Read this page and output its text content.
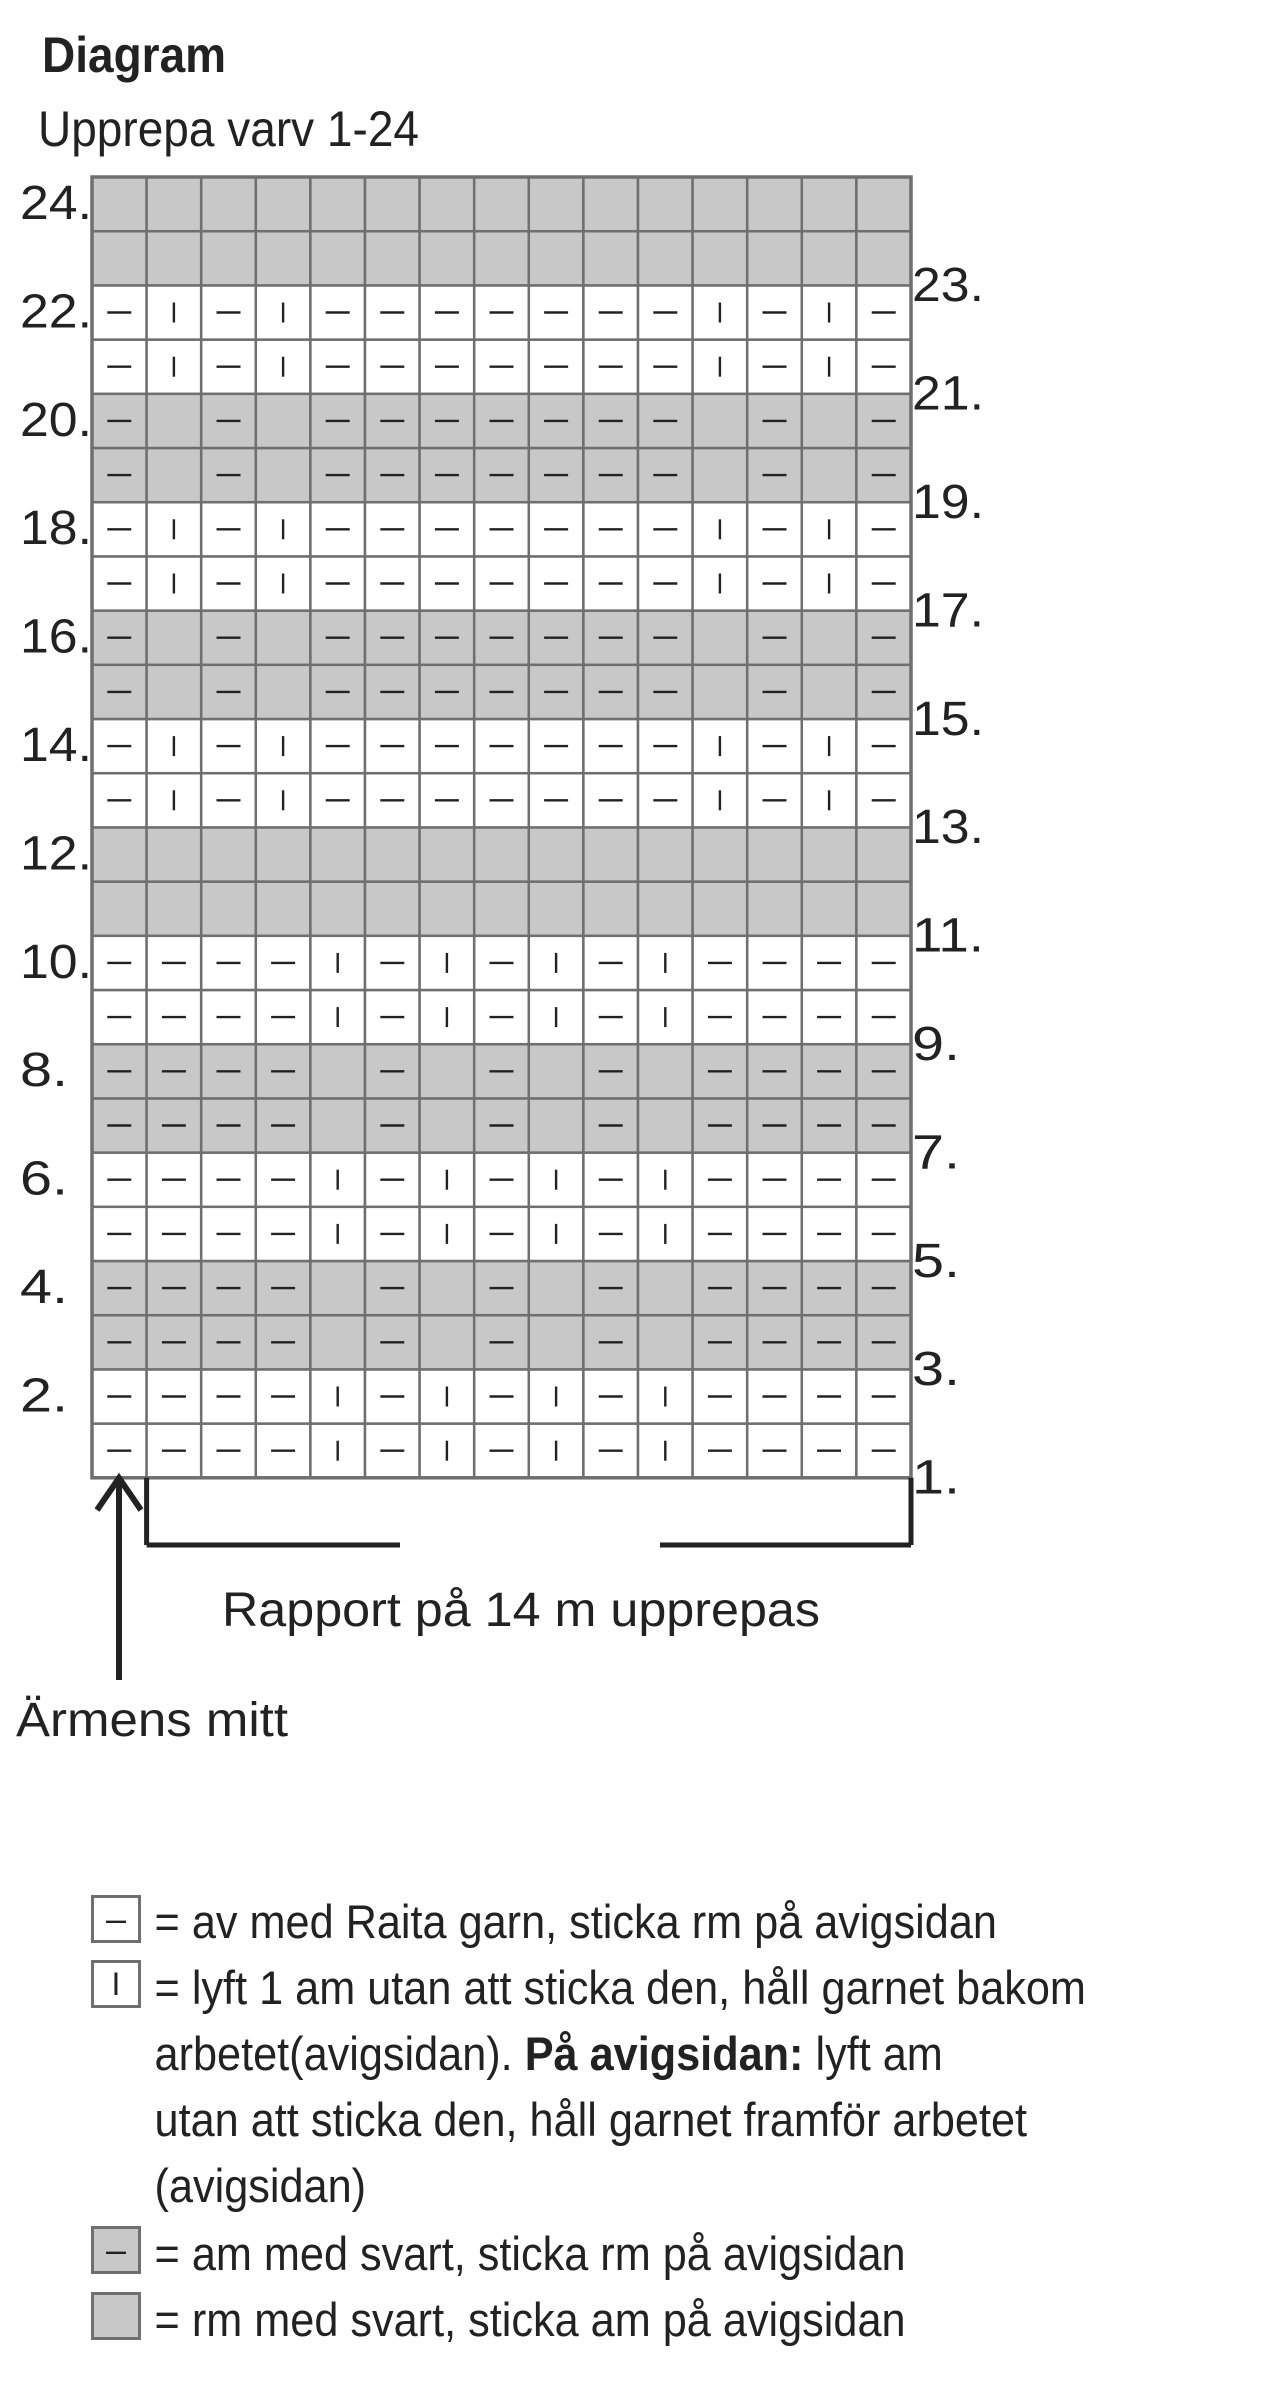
Diagram
Upprepa varv 1-24
2.
4.
6.
8.
10.
12.
14.
16.
18.
20.
22.
24.
1.
3.
5.
7.
9.
11.
13.
15.
17.
19.
21.
23.
Rapport på 14 m upprepas
Ärmens mitt
– = av med Raita garn, sticka rm på avigsidan
I = lyft 1 am utan att sticka den, håll garnet bakom
arbetet(avigsidan). På avigsidan: lyft am
utan att sticka den, håll garnet framför arbetet
(avigsidan)
– = am med svart, sticka rm på avigsidan
= rm med svart, sticka am på avigsidan
